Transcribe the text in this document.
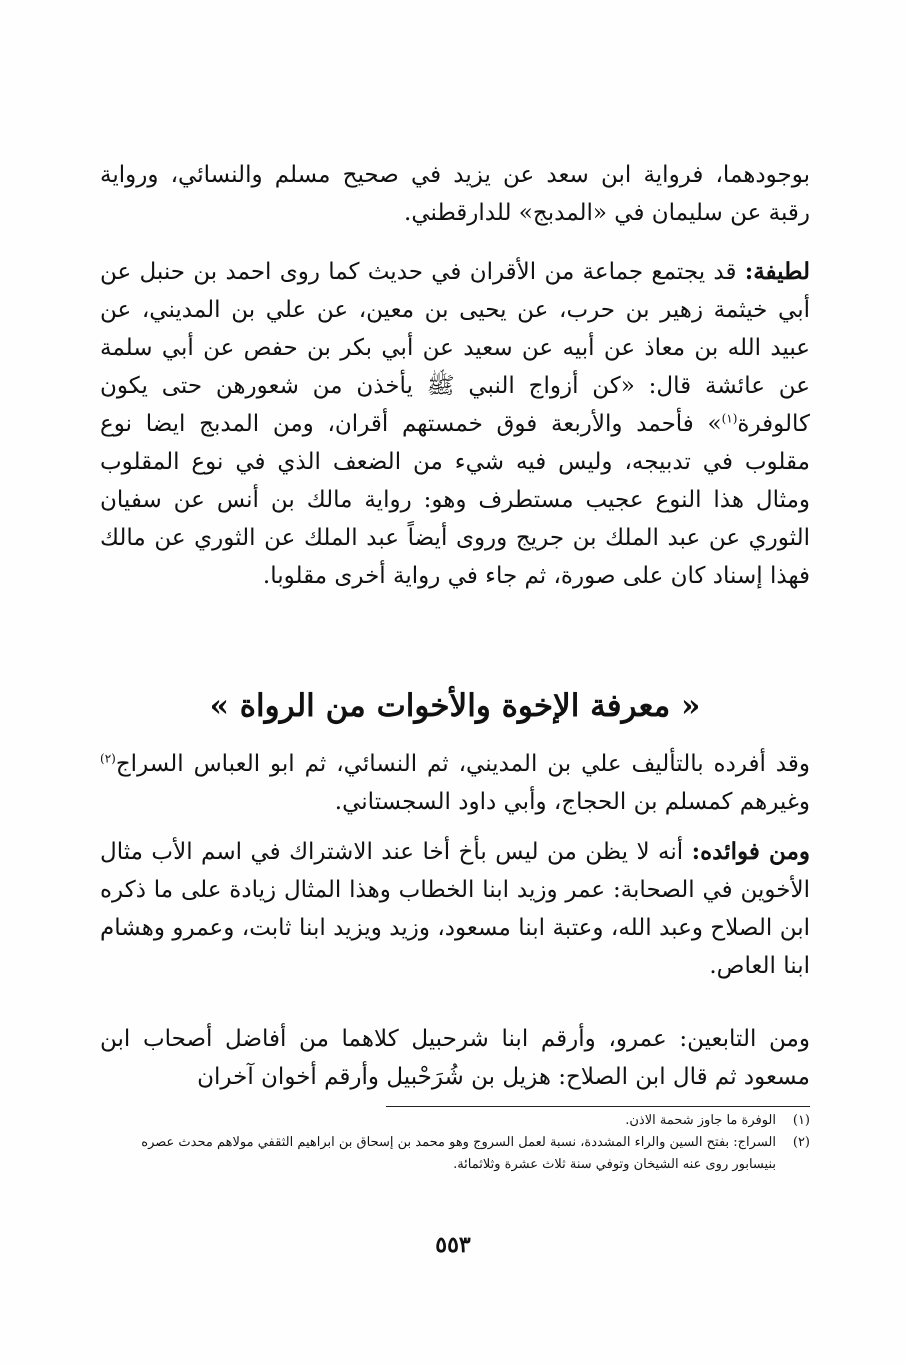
بوجودهما، فرواية ابن سعد عن يزيد في صحيح مسلم والنسائي، ورواية رقبة عن سليمان في «المدبج» للدارقطني.

لطيفة: قد يجتمع جماعة من الأقران في حديث كما روى احمد بن حنبل عن أبي خيثمة زهير بن حرب، عن يحيى بن معين، عن علي بن المديني، عن عبيد الله بن معاذ عن أبيه عن سعيد عن أبي بكر بن حفص عن أبي سلمة عن عائشة قال: «كن أزواج النبي ﷺ يأخذن من شعورهن حتى يكون كالوفرة$^{(١)}$» فأحمد والأربعة فوق خمستهم أقران، ومن المدبج ايضا نوع مقلوب في تدبيجه، وليس فيه شيء من الضعف الذي في نوع المقلوب ومثال هذا النوع عجيب مستطرف وهو: رواية مالك بن أنس عن سفيان الثوري عن عبد الملك بن جريج وروى أيضاً عبد الملك عن الثوري عن مالك فهذا إسناد كان على صورة، ثم جاء في رواية أخرى مقلوبا.

« معرفة الإخوة والأخوات من الرواة »

وقد أفرده بالتأليف علي بن المديني، ثم النسائي، ثم ابو العباس السراج$^{(٢)}$ وغيرهم كمسلم بن الحجاج، وأبي داود السجستاني.

ومن فوائده: أنه لا يظن من ليس بأخ أخا عند الاشتراك في اسم الأب مثال الأخوين في الصحابة: عمر وزيد ابنا الخطاب وهذا المثال زيادة على ما ذكره ابن الصلاح وعبد الله، وعتبة ابنا مسعود، وزيد ويزيد ابنا ثابت، وعمرو وهشام ابنا العاص.

ومن التابعين: عمرو، وأرقم ابنا شرحبيل كلاهما من أفاضل أصحاب ابن مسعود ثم قال ابن الصلاح: هزيل بن شُرَحْبيل وأرقم أخوان آخران

(١)
الوفرة ما جاوز شحمة الاذن.
(٢)
السراج: بفتح السين والراء المشددة، نسبة لعمل السروج وهو محمد بن إسحاق بن ابراهيم الثقفي مولاهم محدث عصره بنيسابور روى عنه الشيخان وتوفي سنة ثلاث عشرة وثلاثمائة.
٥٥٣
